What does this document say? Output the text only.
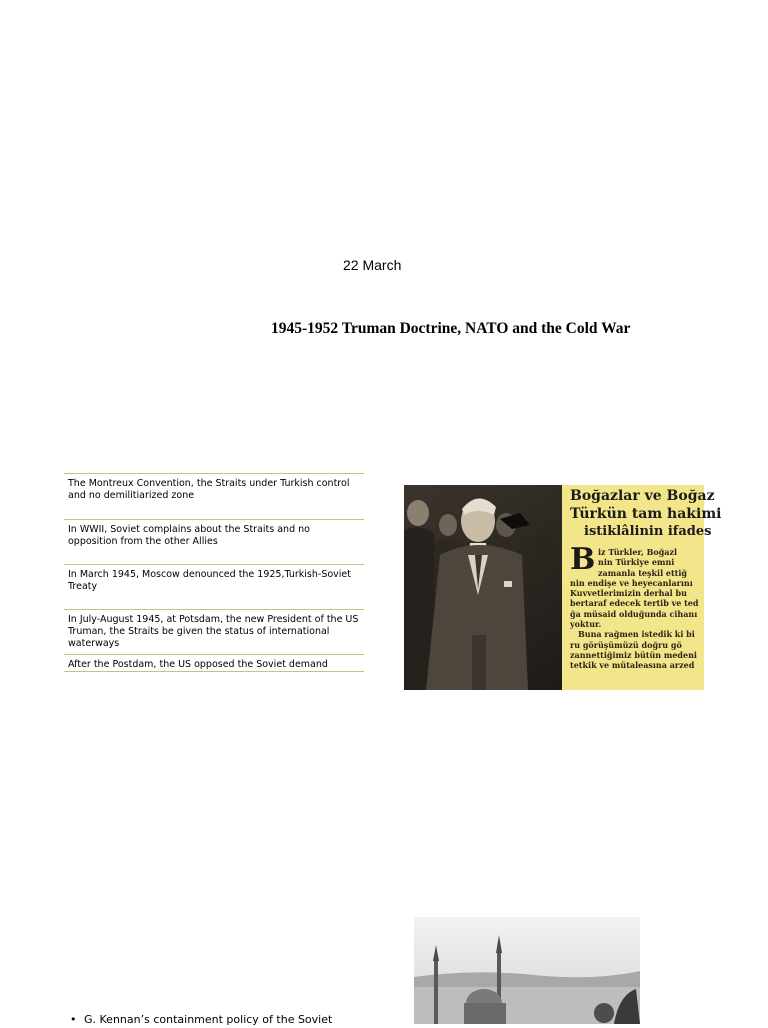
22 March
1945-1952 Truman Doctrine, NATO and the Cold War
The Montreux Convention, the Straits under Turkish control and no demilitiarized zone
In WWII, Soviet complains about the Straits and no opposition from the other Allies
In March 1945, Moscow denounced the 1925,Turkish-Soviet Treaty
In July-August 1945, at Potsdam, the new President of the US Truman, the Straits be given the status of international waterways
After the Postdam, the US opposed the Soviet demand
Boğazlar ve Boğaz
Türkün tam hakimi
istiklâlinin ifades
B iz Türkler, Boğazl
nin Türkiye emni
zamanla teşkil ettiğ
nin endişe ve heyecanlarını
Kuvvetlerimizin derhal bu
bertaraf edecek tertib ve ted
ğa müsaid olduğunda cihanı
yoktur.
Buna rağmen istedik ki bi
ru görüşümüzü doğru gö
zannettiğimiz bütün medeni
tetkik ve mütaleasına arzed
• G. Kennan’s containment policy of the Soviet
